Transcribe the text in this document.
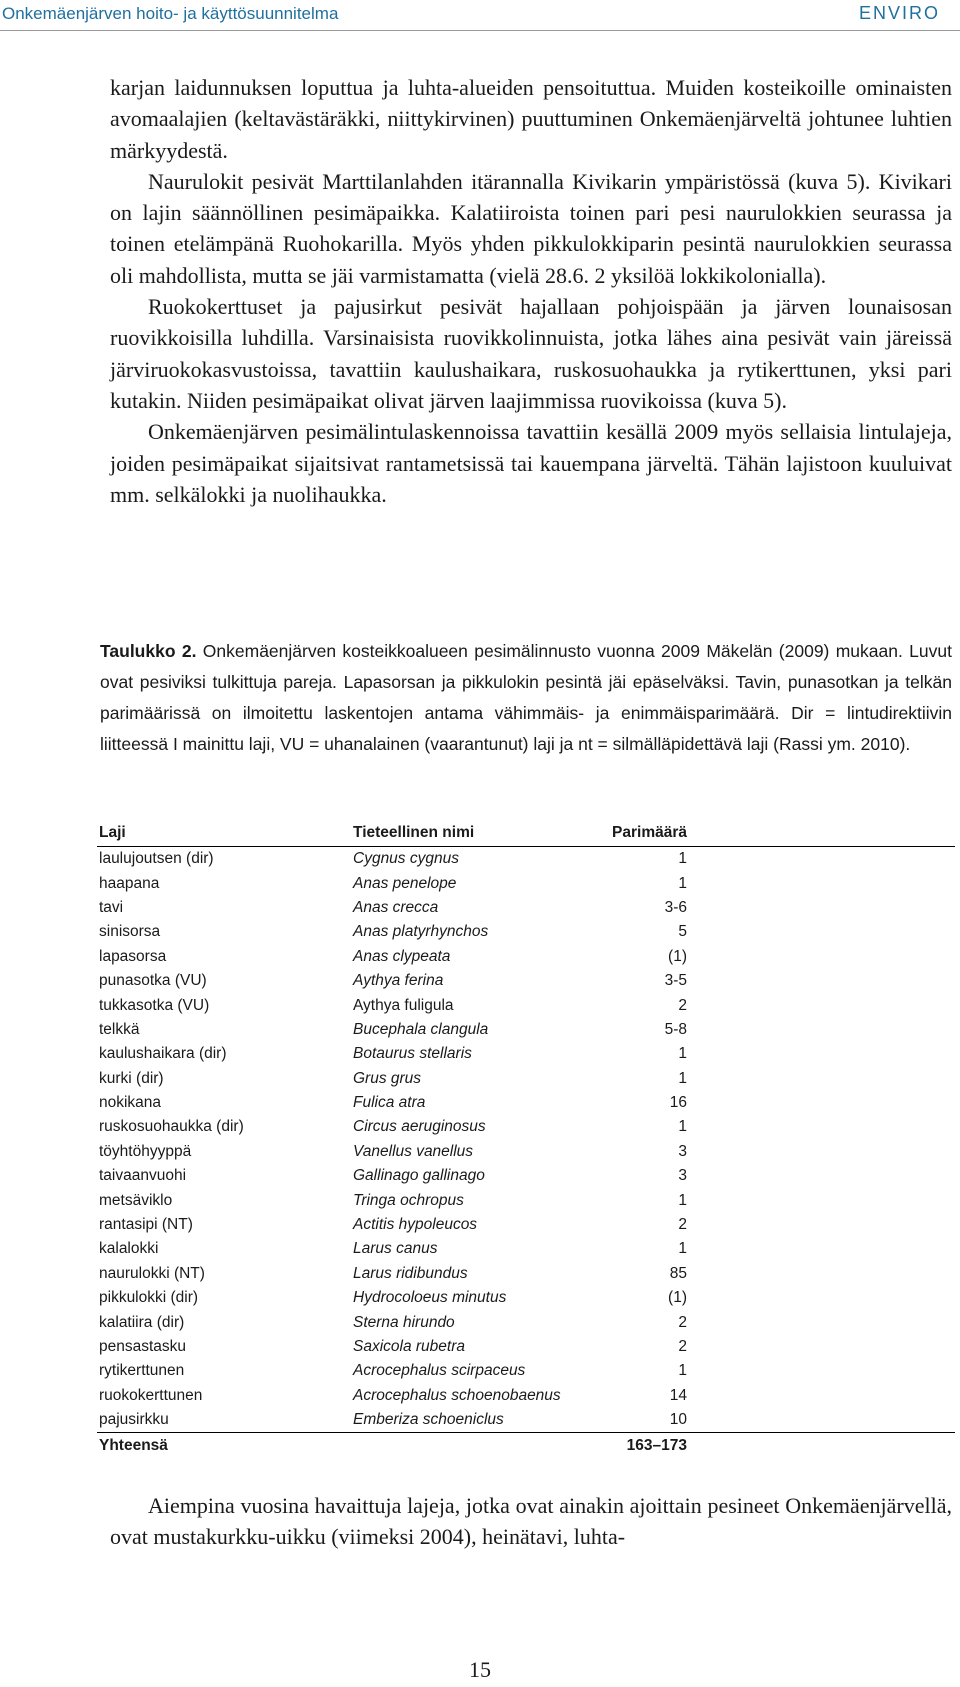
Onkemäenjärven hoito- ja käyttösuunnitelma	ENVIRO

karjan laidunnuksen loputtua ja luhta-alueiden pensoituttua. Muiden kosteikoille ominaisten avomaalajien (keltavästäräkki, niittykirvinen) puuttuminen Onkemäenjärveltä johtunee luhtien märkyydestä.

Naurulokit pesivät Marttilanlahden itärannalla Kivikarin ympäristössä (kuva 5). Kivikari on lajin säännöllinen pesimäpaikka. Kalatiiroista toinen pari pesi naurulokkien seurassa ja toinen etelämpänä Ruohokarilla. Myös yhden pikkulokkiparin pesintä naurulokkien seurassa oli mahdollista, mutta se jäi varmistamatta (vielä 28.6. 2 yksilöä lokkikolonialla).

Ruokokerttuset ja pajusirkut pesivät hajallaan pohjoispään ja järven lounaisosan ruovikkoisilla luhdilla. Varsinaisista ruovikkolinnuista, jotka lähes aina pesivät vain järeissä järviruokokasvustoissa, tavattiin kaulushaikara, ruskosuohaukka ja rytikerttunen, yksi pari kutakin. Niiden pesimäpaikat olivat järven laajimmissa ruovikoissa (kuva 5).

Onkemäenjärven pesimälintulaskennoissa tavattiin kesällä 2009 myös sellaisia lintulajeja, joiden pesimäpaikat sijaitsivat rantametsissä tai kauempana järveltä. Tähän lajistoon kuuluivat mm. selkälokki ja nuolihaukka.

Taulukko 2. Onkemäenjärven kosteikkoalueen pesimälinnusto vuonna 2009 Mäkelän (2009) mukaan. Luvut ovat pesiviksi tulkittuja pareja. Lapasorsan ja pikkulokin pesintä jäi epäselväksi. Tavin, punasotkan ja telkän parimäärissä on ilmoitettu laskentojen antama vähimmäis- ja enimmäisparimäärä. Dir = lintudirektiivin liitteessä I mainittu laji, VU = uhanalainen (vaarantunut) laji ja nt = silmälläpidettävä laji (Rassi ym. 2010).
Laji	Tieteellinen nimi	Parimäärä	
laulujoutsen (dir)	Cygnus cygnus	1	
haapana	Anas penelope	1	
tavi	Anas crecca	3-6	
sinisorsa	Anas platyrhynchos	5	
lapasorsa	Anas clypeata	(1)	
punasotka (VU)	Aythya ferina	3-5	
tukkasotka (VU)	Aythya fuligula	2	
telkkä	Bucephala clangula	5-8	
kaulushaikara (dir)	Botaurus stellaris	1	
kurki (dir)	Grus grus	1	
nokikana	Fulica atra	16	
ruskosuohaukka (dir)	Circus aeruginosus	1	
töyhtöhyyppä	Vanellus vanellus	3	
taivaanvuohi	Gallinago gallinago	3	
metsäviklo	Tringa ochropus	1	
rantasipi (NT)	Actitis hypoleucos	2	
kalalokki	Larus canus	1	
naurulokki (NT)	Larus ridibundus	85	
pikkulokki (dir)	Hydrocoloeus minutus	(1)	
kalatiira (dir)	Sterna hirundo	2	
pensastasku	Saxicola rubetra	2	
rytikerttunen	Acrocephalus scirpaceus	1	
ruokokerttunen	Acrocephalus schoenobaenus	14	
pajusirkku	Emberiza schoeniclus	10	
Yhteensä		163–173	

Aiempina vuosina havaittuja lajeja, jotka ovat ainakin ajoittain pesineet Onkemäenjärvellä, ovat mustakurkku-uikku (viimeksi 2004), heinätavi, luhta-

15
